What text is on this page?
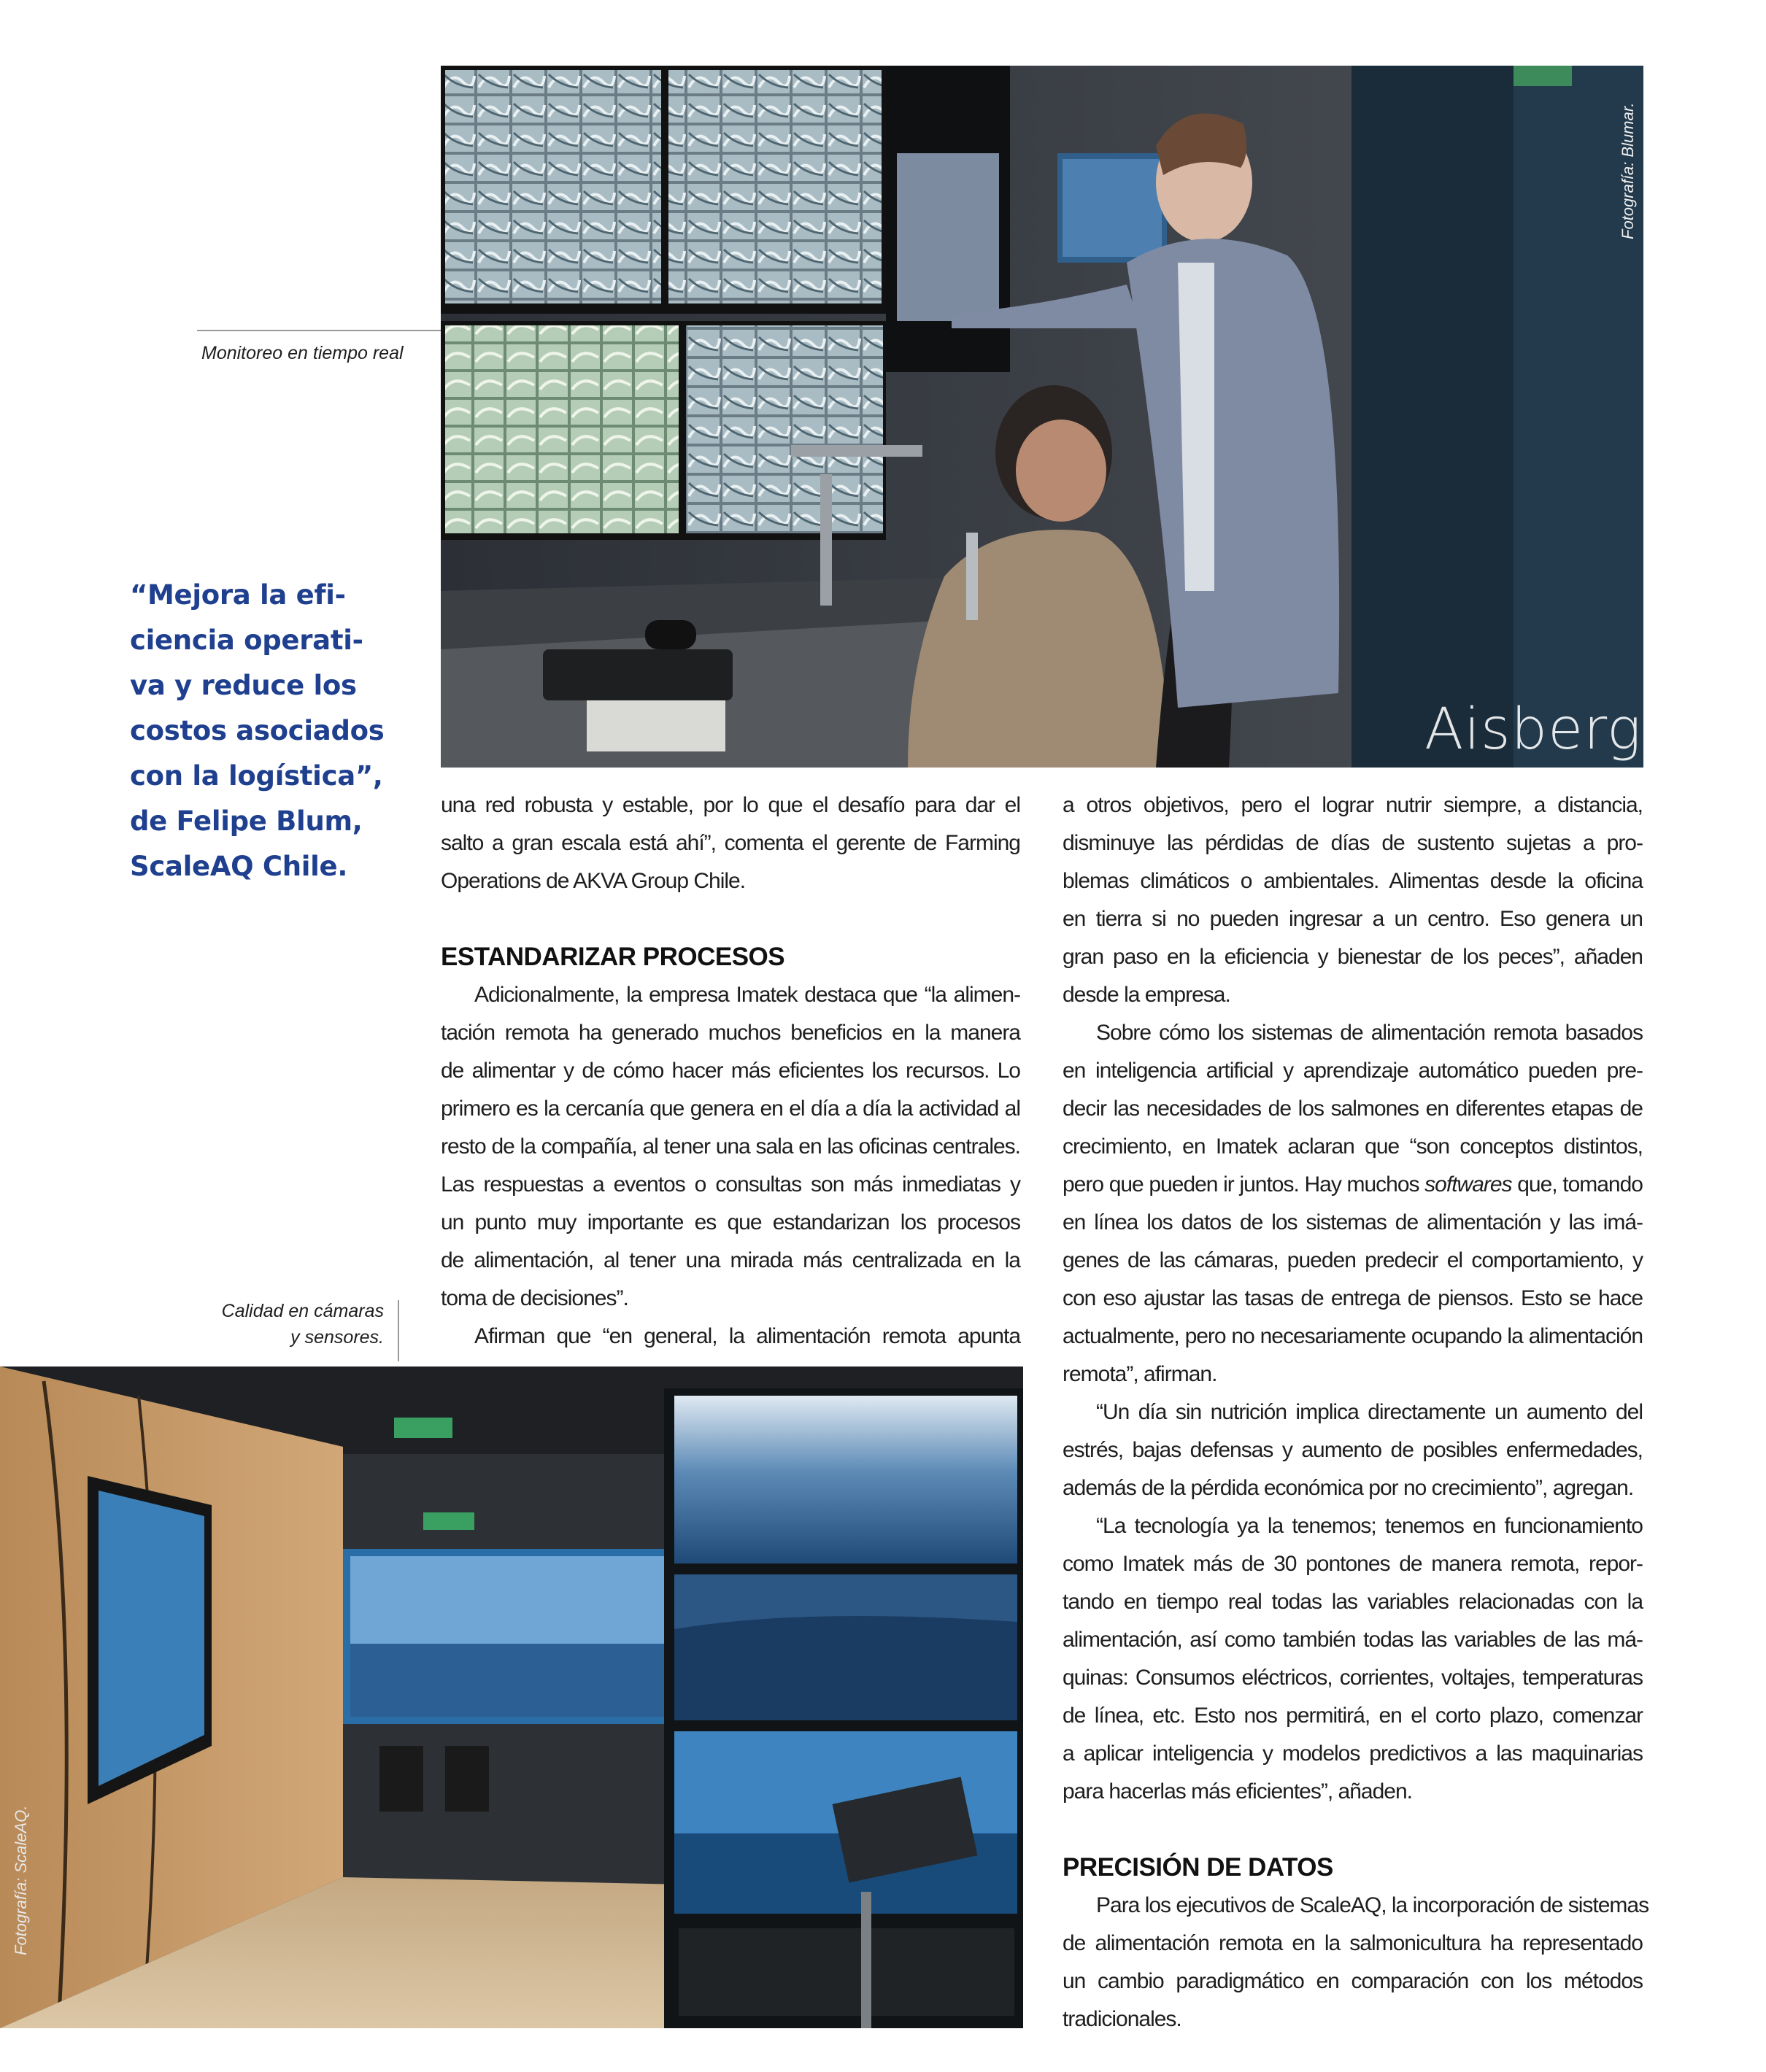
Fotografía: Blumar.
Aisberg
Monitoreo en tiempo real
Calidad en cámaras
y sensores.
“Mejora la efi-
ciencia operati-
va y reduce los
costos asociados
con la logística”,
de Felipe Blum,
ScaleAQ Chile.
una red robusta y estable, por lo que el desafío para dar el
salto a gran escala está ahí”, comenta el gerente de Farming
Operations de AKVA Group Chile.
ESTANDARIZAR PROCESOS
Adicionalmente, la empresa Imatek destaca que “la alimen-
tación remota ha generado muchos beneficios en la manera
de alimentar y de cómo hacer más eficientes los recursos. Lo
primero es la cercanía que genera en el día a día la actividad al
resto de la compañía, al tener una sala en las oficinas centrales.
Las respuestas a eventos o consultas son más inmediatas y
un punto muy importante es que estandarizan los procesos
de alimentación, al tener una mirada más centralizada en la
toma de decisiones”.
Afirman que “en general, la alimentación remota apunta
Fotografía: ScaleAQ.
a otros objetivos, pero el lograr nutrir siempre, a distancia,
disminuye las pérdidas de días de sustento sujetas a pro-
blemas climáticos o ambientales. Alimentas desde la oficina
en tierra si no pueden ingresar a un centro. Eso genera un
gran paso en la eficiencia y bienestar de los peces”, añaden
desde la empresa.
Sobre cómo los sistemas de alimentación remota basados
en inteligencia artificial y aprendizaje automático pueden pre-
decir las necesidades de los salmones en diferentes etapas de
crecimiento, en Imatek aclaran que “son conceptos distintos,
pero que pueden ir juntos. Hay muchos softwares que, tomando
en línea los datos de los sistemas de alimentación y las imá-
genes de las cámaras, pueden predecir el comportamiento, y
con eso ajustar las tasas de entrega de piensos. Esto se hace
actualmente, pero no necesariamente ocupando la alimentación
remota”, afirman.
“Un día sin nutrición implica directamente un aumento del
estrés, bajas defensas y aumento de posibles enfermedades,
además de la pérdida económica por no crecimiento”, agregan.
“La tecnología ya la tenemos; tenemos en funcionamiento
como Imatek más de 30 pontones de manera remota, repor-
tando en tiempo real todas las variables relacionadas con la
alimentación, así como también todas las variables de las má-
quinas: Consumos eléctricos, corrientes, voltajes, temperaturas
de línea, etc. Esto nos permitirá, en el corto plazo, comenzar
a aplicar inteligencia y modelos predictivos a las maquinarias
para hacerlas más eficientes”, añaden.
PRECISIÓN DE DATOS
Para los ejecutivos de ScaleAQ, la incorporación de sistemas
de alimentación remota en la salmonicultura ha representado
un cambio paradigmático en comparación con los métodos
tradicionales.
